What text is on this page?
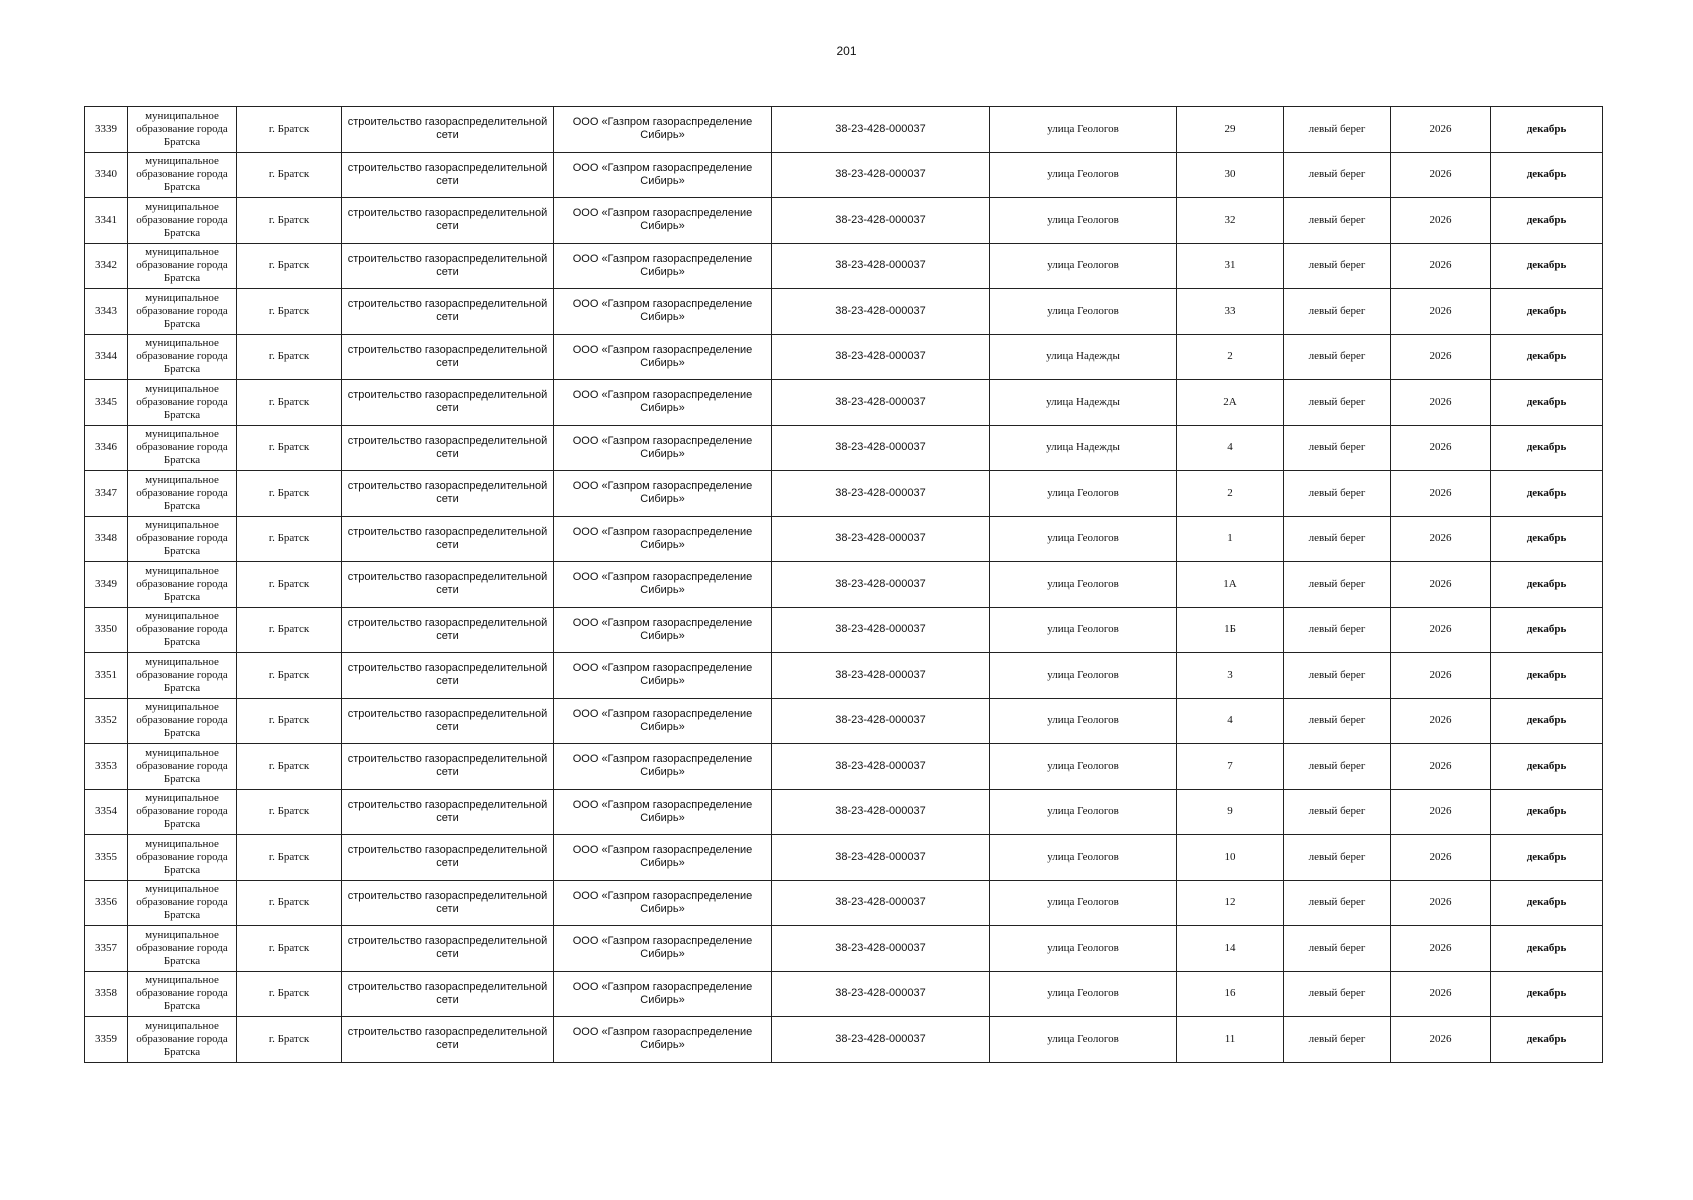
201
3339	муниципальное образование города Братска	г. Братск	строительство газораспределительной сети	ООО «Газпром газораспределение Сибирь»	38-23-428-000037	улица Геологов	29	левый берег	2026	декабрь
3340	муниципальное образование города Братска	г. Братск	строительство газораспределительной сети	ООО «Газпром газораспределение Сибирь»	38-23-428-000037	улица Геологов	30	левый берег	2026	декабрь
3341	муниципальное образование города Братска	г. Братск	строительство газораспределительной сети	ООО «Газпром газораспределение Сибирь»	38-23-428-000037	улица Геологов	32	левый берег	2026	декабрь
3342	муниципальное образование города Братска	г. Братск	строительство газораспределительной сети	ООО «Газпром газораспределение Сибирь»	38-23-428-000037	улица Геологов	31	левый берег	2026	декабрь
3343	муниципальное образование города Братска	г. Братск	строительство газораспределительной сети	ООО «Газпром газораспределение Сибирь»	38-23-428-000037	улица Геологов	33	левый берег	2026	декабрь
3344	муниципальное образование города Братска	г. Братск	строительство газораспределительной сети	ООО «Газпром газораспределение Сибирь»	38-23-428-000037	улица Надежды	2	левый берег	2026	декабрь
3345	муниципальное образование города Братска	г. Братск	строительство газораспределительной сети	ООО «Газпром газораспределение Сибирь»	38-23-428-000037	улица Надежды	2А	левый берег	2026	декабрь
3346	муниципальное образование города Братска	г. Братск	строительство газораспределительной сети	ООО «Газпром газораспределение Сибирь»	38-23-428-000037	улица Надежды	4	левый берег	2026	декабрь
3347	муниципальное образование города Братска	г. Братск	строительство газораспределительной сети	ООО «Газпром газораспределение Сибирь»	38-23-428-000037	улица Геологов	2	левый берег	2026	декабрь
3348	муниципальное образование города Братска	г. Братск	строительство газораспределительной сети	ООО «Газпром газораспределение Сибирь»	38-23-428-000037	улица Геологов	1	левый берег	2026	декабрь
3349	муниципальное образование города Братска	г. Братск	строительство газораспределительной сети	ООО «Газпром газораспределение Сибирь»	38-23-428-000037	улица Геологов	1А	левый берег	2026	декабрь
3350	муниципальное образование города Братска	г. Братск	строительство газораспределительной сети	ООО «Газпром газораспределение Сибирь»	38-23-428-000037	улица Геологов	1Б	левый берег	2026	декабрь
3351	муниципальное образование города Братска	г. Братск	строительство газораспределительной сети	ООО «Газпром газораспределение Сибирь»	38-23-428-000037	улица Геологов	3	левый берег	2026	декабрь
3352	муниципальное образование города Братска	г. Братск	строительство газораспределительной сети	ООО «Газпром газораспределение Сибирь»	38-23-428-000037	улица Геологов	4	левый берег	2026	декабрь
3353	муниципальное образование города Братска	г. Братск	строительство газораспределительной сети	ООО «Газпром газораспределение Сибирь»	38-23-428-000037	улица Геологов	7	левый берег	2026	декабрь
3354	муниципальное образование города Братска	г. Братск	строительство газораспределительной сети	ООО «Газпром газораспределение Сибирь»	38-23-428-000037	улица Геологов	9	левый берег	2026	декабрь
3355	муниципальное образование города Братска	г. Братск	строительство газораспределительной сети	ООО «Газпром газораспределение Сибирь»	38-23-428-000037	улица Геологов	10	левый берег	2026	декабрь
3356	муниципальное образование города Братска	г. Братск	строительство газораспределительной сети	ООО «Газпром газораспределение Сибирь»	38-23-428-000037	улица Геологов	12	левый берег	2026	декабрь
3357	муниципальное образование города Братска	г. Братск	строительство газораспределительной сети	ООО «Газпром газораспределение Сибирь»	38-23-428-000037	улица Геологов	14	левый берег	2026	декабрь
3358	муниципальное образование города Братска	г. Братск	строительство газораспределительной сети	ООО «Газпром газораспределение Сибирь»	38-23-428-000037	улица Геологов	16	левый берег	2026	декабрь
3359	муниципальное образование города Братска	г. Братск	строительство газораспределительной сети	ООО «Газпром газораспределение Сибирь»	38-23-428-000037	улица Геологов	11	левый берег	2026	декабрь
